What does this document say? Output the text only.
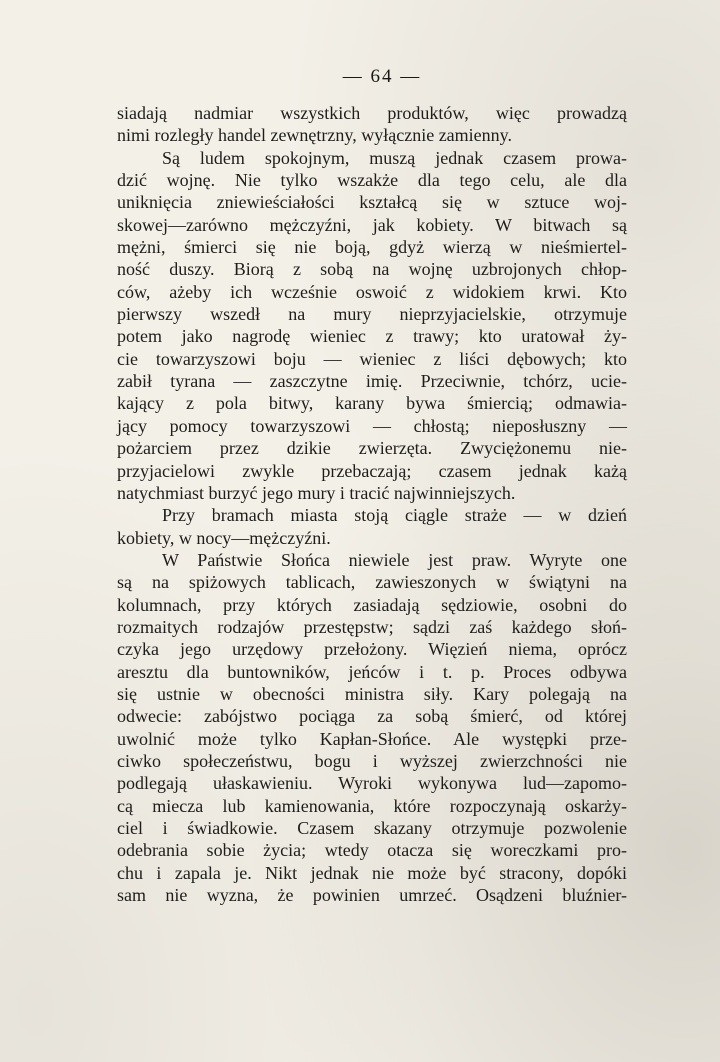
— 64 —
siadają nadmiar wszystkich produktów, więc prowadzą
nimi rozległy handel zewnętrzny, wyłącznie zamienny.
Są ludem spokojnym, muszą jednak czasem prowa-
dzić wojnę. Nie tylko wszakże dla tego celu, ale dla
uniknięcia zniewieściałości kształcą się w sztuce woj-
skowej—zarówno mężczyźni, jak kobiety. W bitwach są
mężni, śmierci się nie boją, gdyż wierzą w nieśmiertel-
ność duszy. Biorą z sobą na wojnę uzbrojonych chłop-
ców, ażeby ich wcześnie oswoić z widokiem krwi. Kto
pierwszy wszedł na mury nieprzyjacielskie, otrzymuje
potem jako nagrodę wieniec z trawy; kto uratował ży-
cie towarzyszowi boju — wieniec z liści dębowych; kto
zabił tyrana — zaszczytne imię. Przeciwnie, tchórz, ucie-
kający z pola bitwy, karany bywa śmiercią; odmawia-
jący pomocy towarzyszowi — chłostą; nieposłuszny —
pożarciem przez dzikie zwierzęta. Zwyciężonemu nie-
przyjacielowi zwykle przebaczają; czasem jednak każą
natychmiast burzyć jego mury i tracić najwinniejszych.
Przy bramach miasta stoją ciągle straże — w dzień
kobiety, w nocy—mężczyźni.
W Państwie Słońca niewiele jest praw. Wyryte one
są na spiżowych tablicach, zawieszonych w świątyni na
kolumnach, przy których zasiadają sędziowie, osobni do
rozmaitych rodzajów przestępstw; sądzi zaś każdego słoń-
czyka jego urzędowy przełożony. Więzień niema, oprócz
aresztu dla buntowników, jeńców i t. p. Proces odbywa
się ustnie w obecności ministra siły. Kary polegają na
odwecie: zabójstwo pociąga za sobą śmierć, od której
uwolnić może tylko Kapłan-Słońce. Ale występki prze-
ciwko społeczeństwu, bogu i wyższej zwierzchności nie
podlegają ułaskawieniu. Wyroki wykonywa lud—zapomo-
cą miecza lub kamienowania, które rozpoczynają oskarży-
ciel i świadkowie. Czasem skazany otrzymuje pozwolenie
odebrania sobie życia; wtedy otacza się woreczkami pro-
chu i zapala je. Nikt jednak nie może być stracony, dopóki
sam nie wyzna, że powinien umrzeć. Osądzeni bluźnier-
